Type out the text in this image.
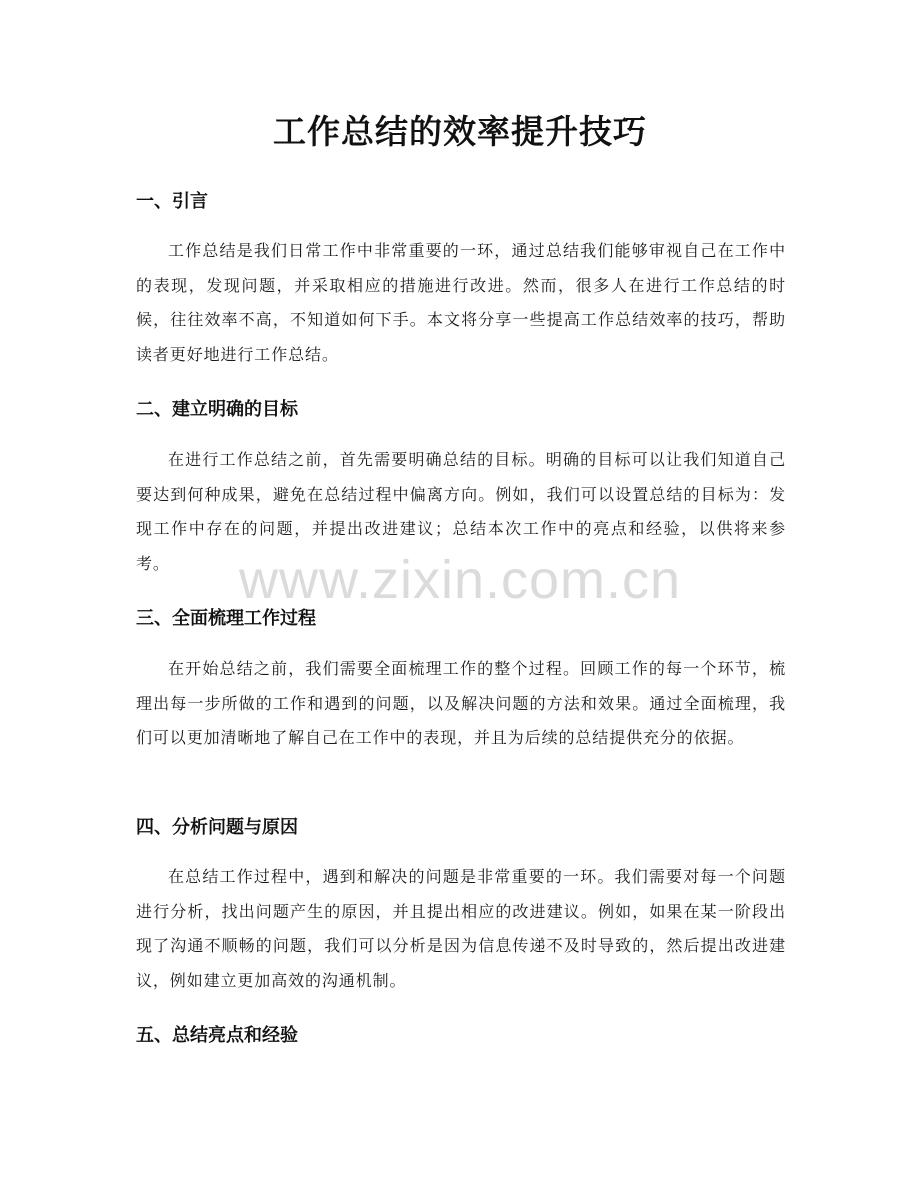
工作总结的效率提升技巧
一、引言

工作总结是我们日常工作中非常重要的一环，通过总结我们能够审视自己在工作中的表现，发现问题，并采取相应的措施进行改进。然而，很多人在进行工作总结的时候，往往效率不高，不知道如何下手。本文将分享一些提高工作总结效率的技巧，帮助读者更好地进行工作总结。

二、建立明确的目标

在进行工作总结之前，首先需要明确总结的目标。明确的目标可以让我们知道自己要达到何种成果，避免在总结过程中偏离方向。例如，我们可以设置总结的目标为：发现工作中存在的问题，并提出改进建议；总结本次工作中的亮点和经验，以供将来参考。

三、全面梳理工作过程

在开始总结之前，我们需要全面梳理工作的整个过程。回顾工作的每一个环节，梳理出每一步所做的工作和遇到的问题，以及解决问题的方法和效果。通过全面梳理，我们可以更加清晰地了解自己在工作中的表现，并且为后续的总结提供充分的依据。

四、分析问题与原因

在总结工作过程中，遇到和解决的问题是非常重要的一环。我们需要对每一个问题进行分析，找出问题产生的原因，并且提出相应的改进建议。例如，如果在某一阶段出现了沟通不顺畅的问题，我们可以分析是因为信息传递不及时导致的，然后提出改进建议，例如建立更加高效的沟通机制。

五、总结亮点和经验
www.zixin.com.cn
